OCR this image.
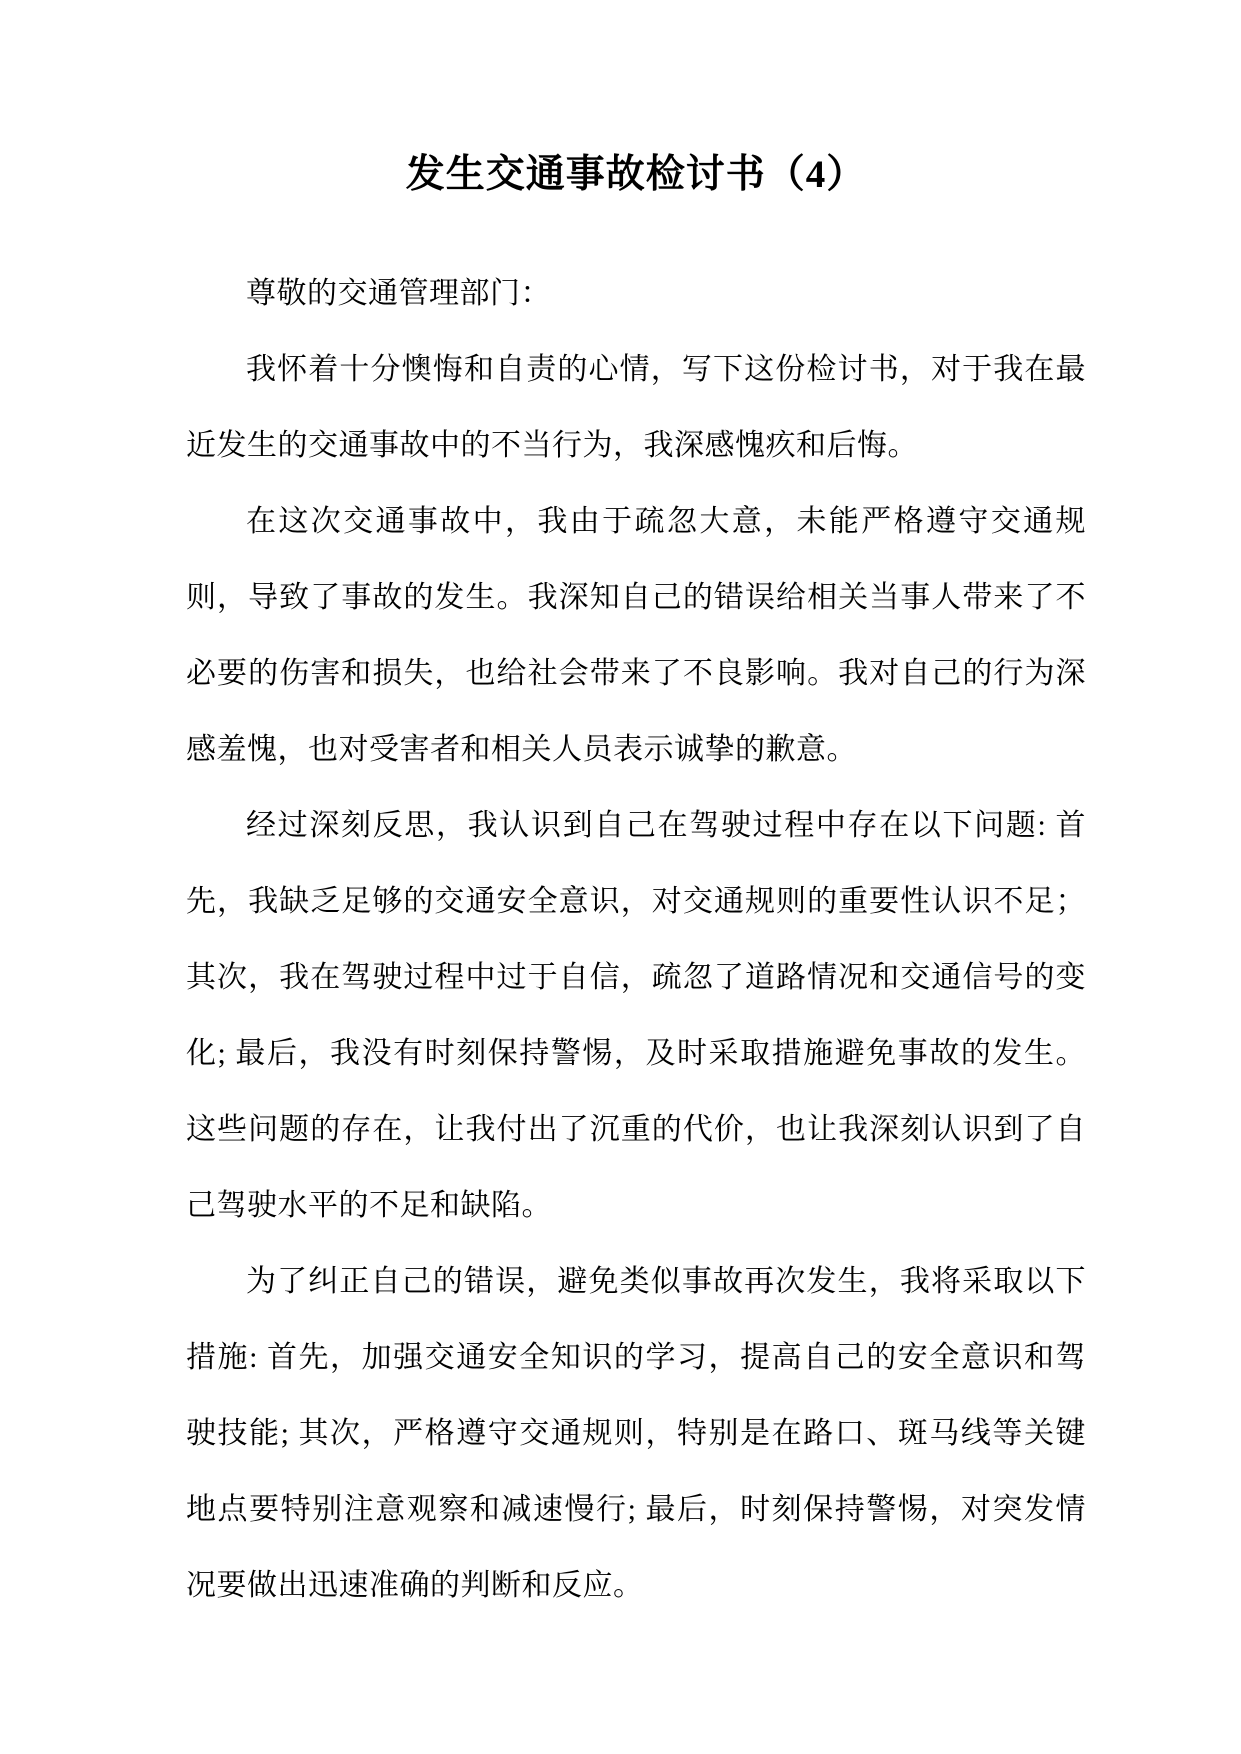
发生交通事故检讨书（4）

尊敬的交通管理部门：

我怀着十分懊悔和自责的心情，写下这份检讨书，对于我在最近发生的交通事故中的不当行为，我深感愧疚和后悔。

在这次交通事故中，我由于疏忽大意，未能严格遵守交通规则，导致了事故的发生。我深知自己的错误给相关当事人带来了不必要的伤害和损失，也给社会带来了不良影响。我对自己的行为深感羞愧，也对受害者和相关人员表示诚挚的歉意。

经过深刻反思，我认识到自己在驾驶过程中存在以下问题: 首先，我缺乏足够的交通安全意识，对交通规则的重要性认识不足；其次，我在驾驶过程中过于自信，疏忽了道路情况和交通信号的变化; 最后，我没有时刻保持警惕，及时采取措施避免事故的发生。这些问题的存在，让我付出了沉重的代价，也让我深刻认识到了自己驾驶水平的不足和缺陷。

为了纠正自己的错误，避免类似事故再次发生，我将采取以下措施: 首先，加强交通安全知识的学习，提高自己的安全意识和驾驶技能; 其次，严格遵守交通规则，特别是在路口、斑马线等关键地点要特别注意观察和减速慢行; 最后，时刻保持警惕，对突发情况要做出迅速准确的判断和反应。
